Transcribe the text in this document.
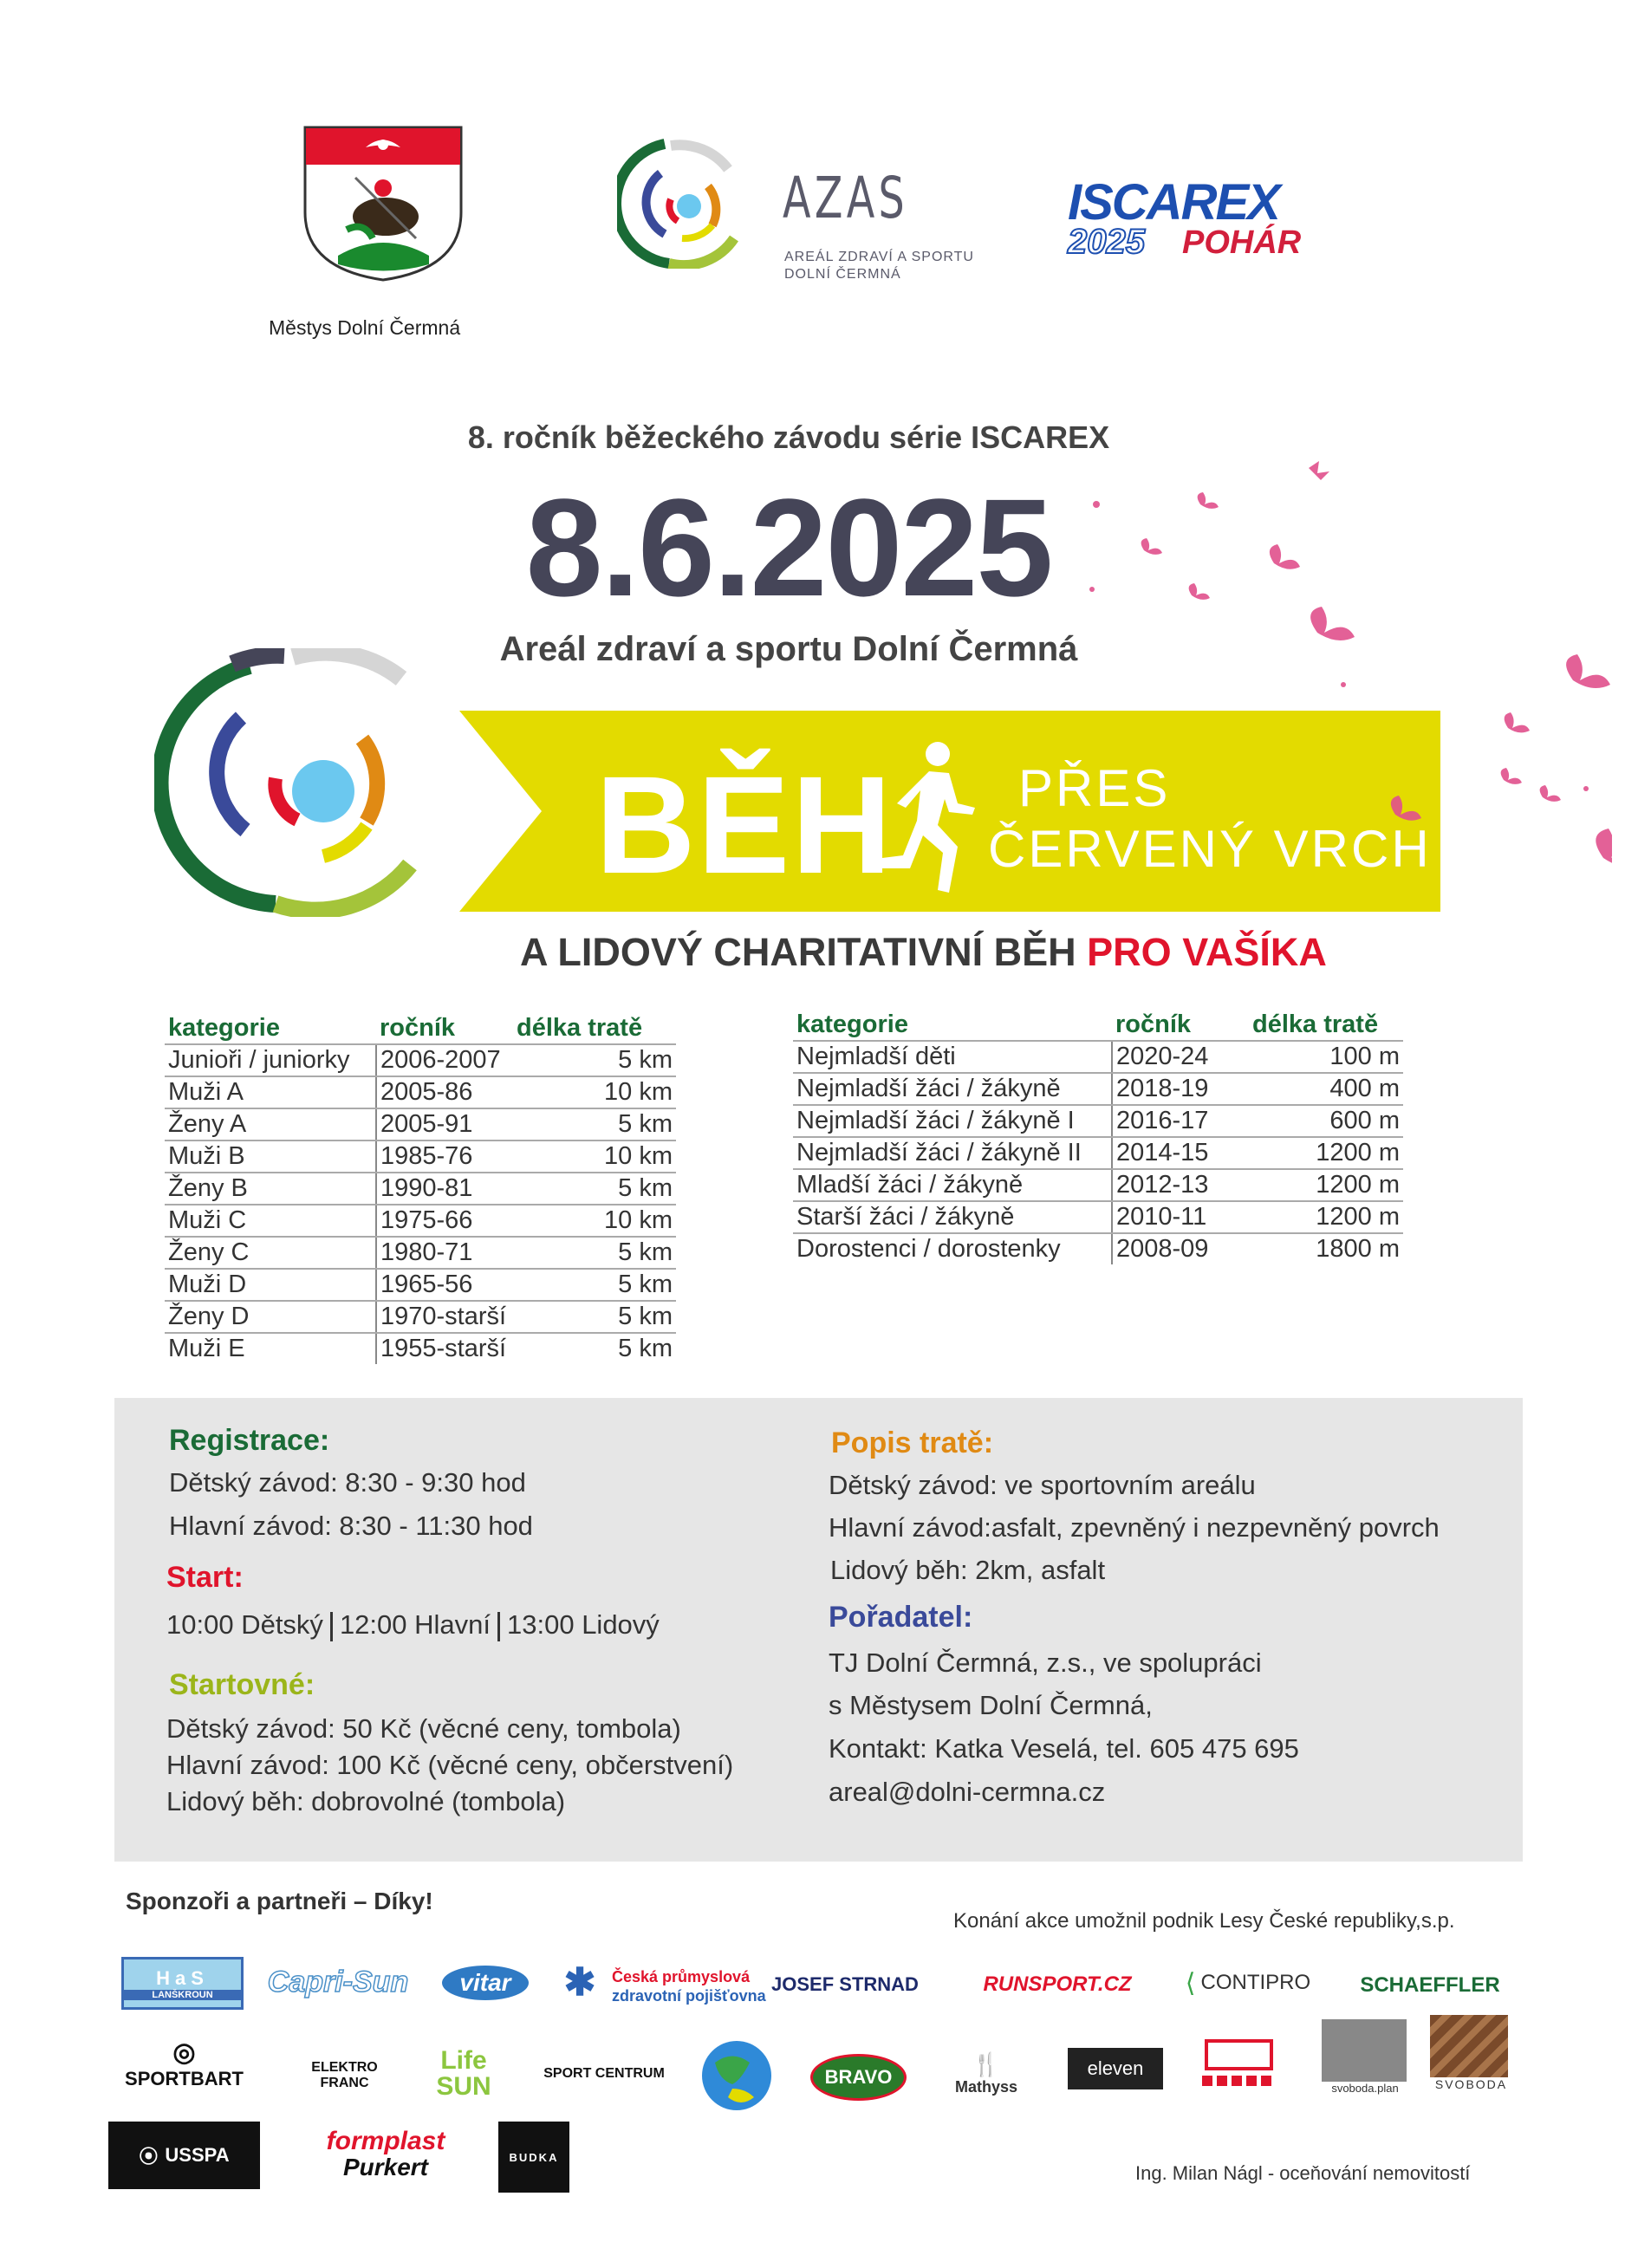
Městys Dolní Čermná
AZAS
AREÁL ZDRAVÍ A SPORTU
DOLNÍ ČERMNÁ
ISCAREX
2025 POHÁR
8. ročník běžeckého závodu série ISCAREX
8.6.2025
Areál zdraví a sportu Dolní Čermná
BĚH PŘES
ČERVENÝ VRCH
A LIDOVÝ CHARITATIVNÍ BĚH PRO VAŠÍKA
kategorie	ročník	délka tratě
Junioři / juniorky	2006-2007	5 km
Muži A	2005-86	10 km
Ženy A	2005-91	5 km
Muži B	1985-76	10 km
Ženy B	1990-81	5 km
Muži C	1975-66	10 km
Ženy C	1980-71	5 km
Muži D	1965-56	5 km
Ženy D	1970-starší	5 km
Muži E	1955-starší	5 km
kategorie	ročník	délka tratě
Nejmladší děti	2020-24	100 m
Nejmladší žáci / žákyně	2018-19	400 m
Nejmladší žáci / žákyně I	2016-17	600 m
Nejmladší žáci / žákyně II	2014-15	1200 m
Mladší žáci / žákyně	2012-13	1200 m
Starší žáci / žákyně	2010-11	1200 m
Dorostenci / dorostenky	2008-09	1800 m
Registrace:
Dětský závod: 8:30 - 9:30 hod
Hlavní závod: 8:30 - 11:30 hod
Start:
10:00 Dětský 12:00 Hlavní 13:00 Lidový
Startovné:
Dětský závod: 50 Kč (věcné ceny, tombola)
Hlavní závod: 100 Kč (věcné ceny, občerstvení)
Lidový běh: dobrovolné (tombola)
Popis tratě:
Dětský závod: ve sportovním areálu
Hlavní závod:asfalt, zpevněný i nezpevněný povrch
Lidový běh: 2km, asfalt
Pořadatel:
TJ Dolní Čermná, z.s., ve spolupráci
s Městysem Dolní Čermná,
Kontakt: Katka Veselá, tel. 605 475 695
areal@dolni-cermna.cz
Sponzoři a partneři – Díky!
Konání akce umožnil podnik Lesy České republiky,s.p.
HaS
LANŠKROUN	Capri-Sun	vitar	✱	Česká průmyslová
zdravotní pojišťovna
JOSEF STRNAD	RUNSPORT.CZ	⟨ CONTIPRO	SCHAEFFLER
◎
SPORTBART	ELEKTRO
FRANC
Life
SUN	SPORT CENTRUM	BRAVO	🍴
Mathyss
eleven
svoboda.plan	SVOBODA
⦿ USSPA	formplast
Purkert	BUDKA
Ing. Milan Nágl - oceňování nemovitostí
